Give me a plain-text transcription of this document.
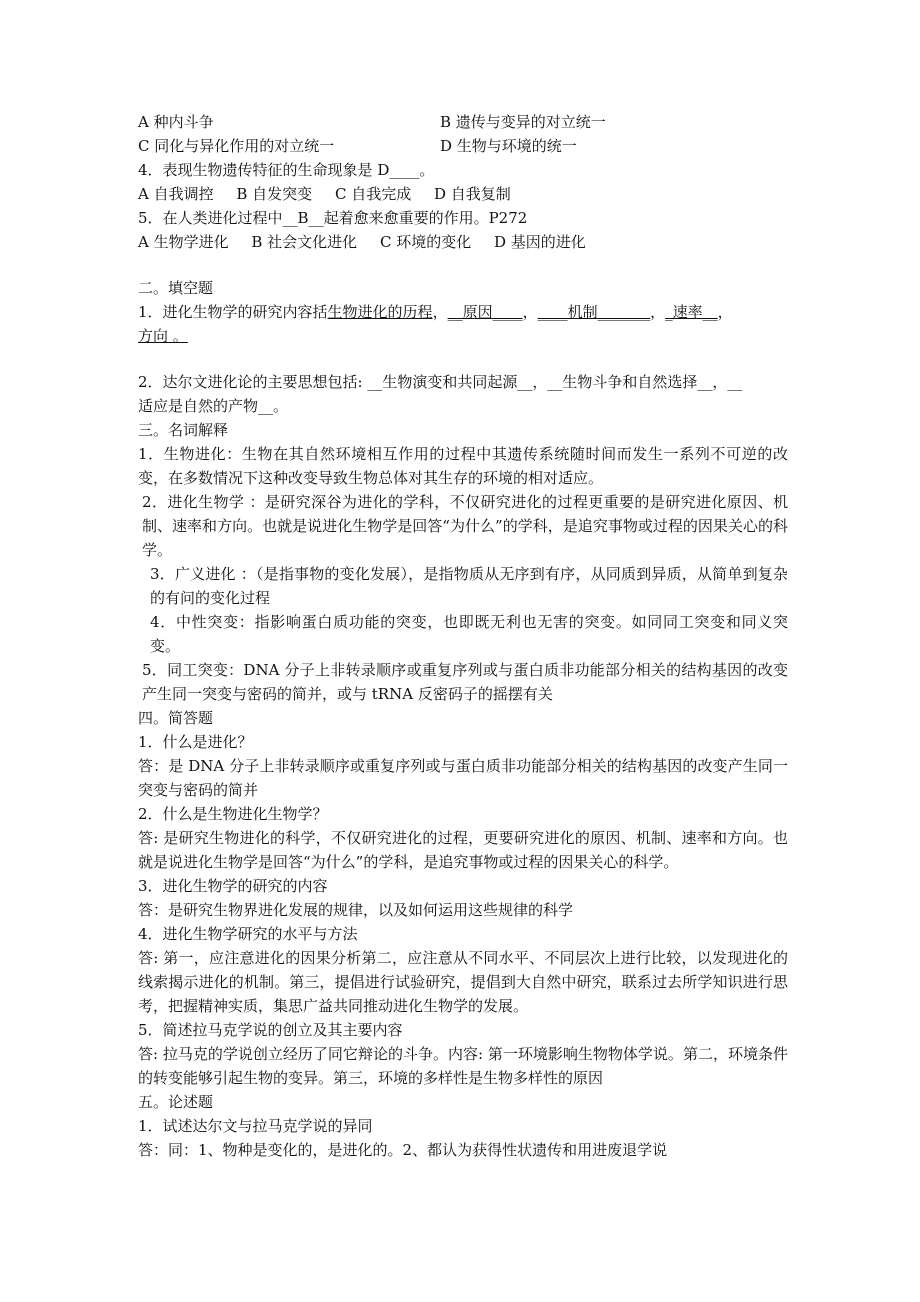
A 种内斗争	B 遗传与变异的对立统一
C 同化与异化作用的对立统一	D 生物与环境的统一
4．表现生物遗传特征的生命现象是 D____。
A 自我调控 B 自发突变 C 自我完成 D 自我复制
5．在人类进化过程中__B__起着愈来愈重要的作用。P272
A 生物学进化 B 社会文化进化 C 环境的变化 D 基因的进化
二。填空题
1．进化生物学的研究内容括生物进化的历程，__原因____，____机制_______，_速率__，
方向 。
2．达尔文进化论的主要思想包括: __生物演变和共同起源__，__生物斗争和自然选择__，__
适应是自然的产物__。
三。名词解释
1．生物进化：生物在其自然环境相互作用的过程中其遗传系统随时间而发生一系列不可逆的改变，在多数情况下这种改变导致生物总体对其生存的环境的相对适应。
2．进化生物学 ：是研究深谷为进化的学科，不仅研究进化的过程更重要的是研究进化原因、机制、速率和方向。也就是说进化生物学是回答“为什么”的学科，是追究事物或过程的因果关心的科学。
3．广义进化 ：（是指事物的变化发展），是指物质从无序到有序，从同质到异质，从简单到复杂的有问的变化过程
4．中性突变：指影响蛋白质功能的突变，也即既无利也无害的突变。如同同工突变和同义突变。
5．同工突变：DNA 分子上非转录顺序或重复序列或与蛋白质非功能部分相关的结构基因的改变产生同一突变与密码的简并，或与 tRNA 反密码子的摇摆有关
四。简答题
1．什么是进化？
答：是 DNA 分子上非转录顺序或重复序列或与蛋白质非功能部分相关的结构基因的改变产生同一突变与密码的简并
2．什么是生物进化生物学？
答: 是研究生物进化的科学，不仅研究进化的过程，更要研究进化的原因、机制、速率和方向。也就是说进化生物学是回答“为什么”的学科，是追究事物或过程的因果关心的科学。
3．进化生物学的研究的内容
答：是研究生物界进化发展的规律，以及如何运用这些规律的科学
4．进化生物学研究的水平与方法
答: 第一，应注意进化的因果分析第二，应注意从不同水平、不同层次上进行比较，以发现进化的线索揭示进化的机制。第三，提倡进行试验研究，提倡到大自然中研究，联系过去所学知识进行思考，把握精神实质，集思广益共同推动进化生物学的发展。
5．简述拉马克学说的创立及其主要内容
答: 拉马克的学说创立经历了同它辩论的斗争。内容: 第一环境影响生物物体学说。第二，环境条件的转变能够引起生物的变异。第三，环境的多样性是生物多样性的原因
五。论述题
1．试述达尔文与拉马克学说的异同
答：同：1、物种是变化的，是进化的。2、都认为获得性状遗传和用进废退学说
